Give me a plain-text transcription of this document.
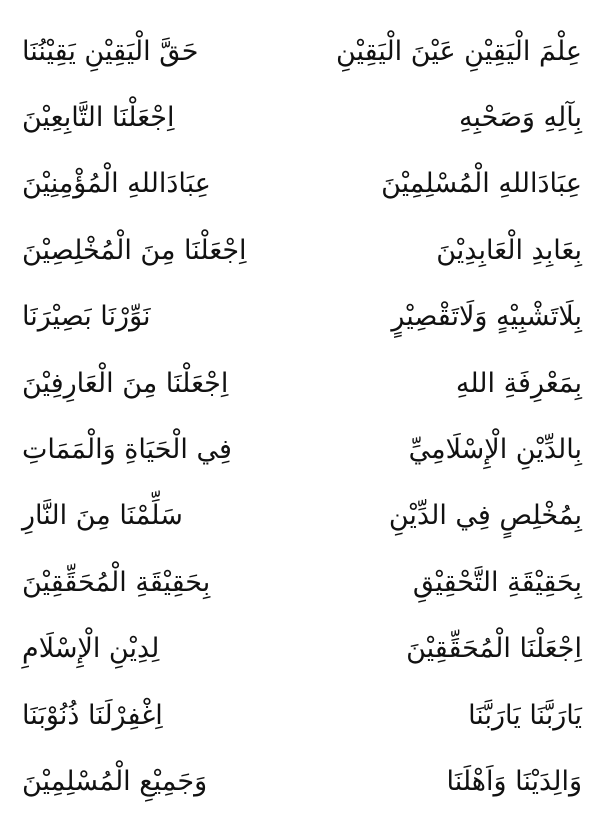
عِلْمَ الْيَقِيْنِ عَيْنَ الْيَقِيْنِ
حَقَّ الْيَقِيْنِ يَقِيْنُنَا
بِآلِهِ وَصَحْبِهِ
اِجْعَلْنَا التَّابِعِيْنَ
عِبَادَاللهِ الْمُسْلِمِيْنَ
عِبَادَاللهِ الْمُؤْمِنِيْنَ
بِعَابِدِ الْعَابِدِيْنَ
اِجْعَلْنَا مِنَ الْمُخْلِصِيْنَ
بِلَاتَشْبِيْهٍ وَلَاتَقْصِيْرٍ
نَوِّرْنَا بَصِيْرَنَا
بِمَعْرِفَةِ اللهِ
اِجْعَلْنَا مِنَ الْعَارِفِيْنَ
بِالدِّيْنِ الْإِسْلَامِيِّ
فِي الْحَيَاةِ وَالْمَمَاتِ
بِمُخْلِصٍ فِي الدِّيْنِ
سَلِّمْنَا مِنَ النَّارِ
بِحَقِيْقَةِ التَّحْقِيْقِ
بِحَقِيْقَةِ الْمُحَقِّقِيْنَ
اِجْعَلْنَا الْمُحَقِّقِيْنَ
لِدِيْنِ الْإِسْلَامِ
يَارَبَّنَا يَارَبَّنَا
اِغْفِرْلَنَا ذُنُوْبَنَا
وَالِدَيْنَا وَاَهْلَنَا
وَجَمِيْعِ الْمُسْلِمِيْنَ
